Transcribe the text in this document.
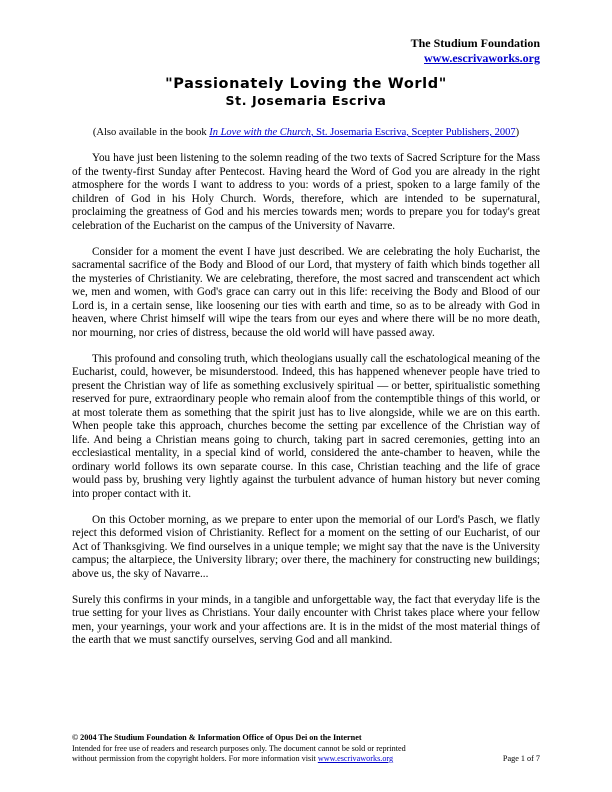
The Studium Foundation
www.escrivaworks.org

"Passionately Loving the World"

St. Josemaria Escriva

(Also available in the book In Love with the Church, St. Josemaria Escriva, Scepter Publishers, 2007)

You have just been listening to the solemn reading of the two texts of Sacred Scripture for the Mass of the twenty-first Sunday after Pentecost. Having heard the Word of God you are already in the right atmosphere for the words I want to address to you: words of a priest, spoken to a large family of the children of God in his Holy Church. Words, therefore, which are intended to be supernatural, proclaiming the greatness of God and his mercies towards men; words to prepare you for today's great celebration of the Eucharist on the campus of the University of Navarre.

Consider for a moment the event I have just described. We are celebrating the holy Eucharist, the sacramental sacrifice of the Body and Blood of our Lord, that mystery of faith which binds together all the mysteries of Christianity. We are celebrating, therefore, the most sacred and transcendent act which we, men and women, with God's grace can carry out in this life: receiving the Body and Blood of our Lord is, in a certain sense, like loosening our ties with earth and time, so as to be already with God in heaven, where Christ himself will wipe the tears from our eyes and where there will be no more death, nor mourning, nor cries of distress, because the old world will have passed away.

This profound and consoling truth, which theologians usually call the eschatological meaning of the Eucharist, could, however, be misunderstood. Indeed, this has happened whenever people have tried to present the Christian way of life as something exclusively spiritual — or better, spiritualistic something reserved for pure, extraordinary people who remain aloof from the contemptible things of this world, or at most tolerate them as something that the spirit just has to live alongside, while we are on this earth. When people take this approach, churches become the setting par excellence of the Christian way of life. And being a Christian means going to church, taking part in sacred ceremonies, getting into an ecclesiastical mentality, in a special kind of world, considered the ante-chamber to heaven, while the ordinary world follows its own separate course. In this case, Christian teaching and the life of grace would pass by, brushing very lightly against the turbulent advance of human history but never coming into proper contact with it.

On this October morning, as we prepare to enter upon the memorial of our Lord's Pasch, we flatly reject this deformed vision of Christianity. Reflect for a moment on the setting of our Eucharist, of our Act of Thanksgiving. We find ourselves in a unique temple; we might say that the nave is the University campus; the altarpiece, the University library; over there, the machinery for constructing new buildings; above us, the sky of Navarre...

Surely this confirms in your minds, in a tangible and unforgettable way, the fact that everyday life is the true setting for your lives as Christians. Your daily encounter with Christ takes place where your fellow men, your yearnings, your work and your affections are. It is in the midst of the most material things of the earth that we must sanctify ourselves, serving God and all mankind.

© 2004 The Studium Foundation & Information Office of Opus Dei on the Internet
Intended for free use of readers and research purposes only. The document cannot be sold or reprinted
without permission from the copyright holders. For more information visit www.escrivaworks.org	Page 1 of 7
